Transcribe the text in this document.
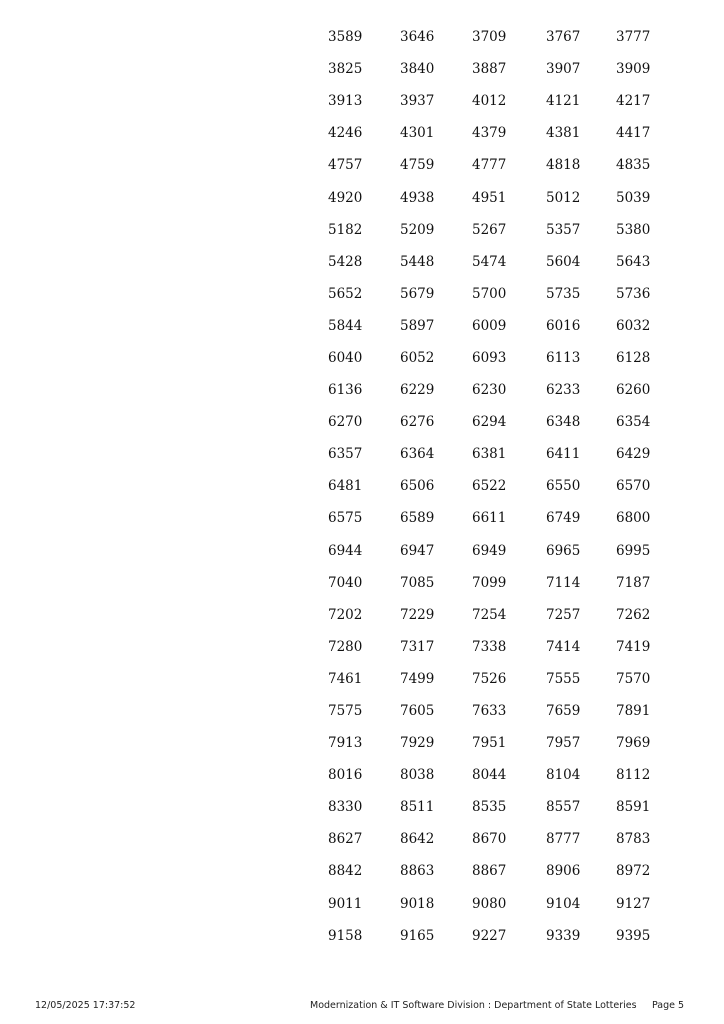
3589	3646	3709	3767	3777
3825	3840	3887	3907	3909
3913	3937	4012	4121	4217
4246	4301	4379	4381	4417
4757	4759	4777	4818	4835
4920	4938	4951	5012	5039
5182	5209	5267	5357	5380
5428	5448	5474	5604	5643
5652	5679	5700	5735	5736
5844	5897	6009	6016	6032
6040	6052	6093	6113	6128
6136	6229	6230	6233	6260
6270	6276	6294	6348	6354
6357	6364	6381	6411	6429
6481	6506	6522	6550	6570
6575	6589	6611	6749	6800
6944	6947	6949	6965	6995
7040	7085	7099	7114	7187
7202	7229	7254	7257	7262
7280	7317	7338	7414	7419
7461	7499	7526	7555	7570
7575	7605	7633	7659	7891
7913	7929	7951	7957	7969
8016	8038	8044	8104	8112
8330	8511	8535	8557	8591
8627	8642	8670	8777	8783
8842	8863	8867	8906	8972
9011	9018	9080	9104	9127
9158	9165	9227	9339	9395
12/05/2025 17:37:52	Modernization & IT Software Division : Department of State Lotteries Page 5
